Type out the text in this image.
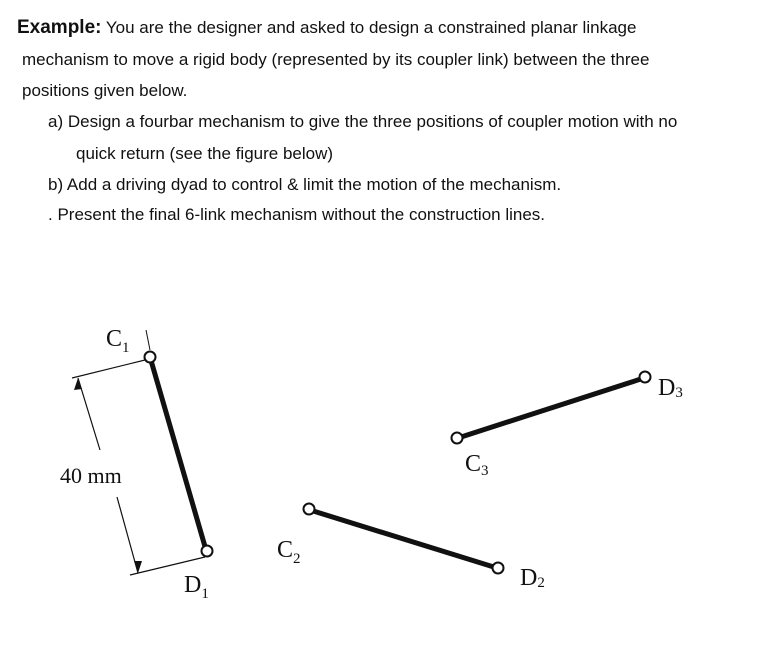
Example: You are the designer and asked to design a constrained planar linkage
mechanism to move a rigid body (represented by its coupler link) between the three
positions given below.
a) Design a fourbar mechanism to give the three positions of coupler motion with no
quick return (see the figure below)
b) Add a driving dyad to control & limit the motion of the mechanism.
. Present the final 6-link mechanism without the construction lines.
40 mm
$C_1$
$D_1$
$C_2$
D2
C3
D3
